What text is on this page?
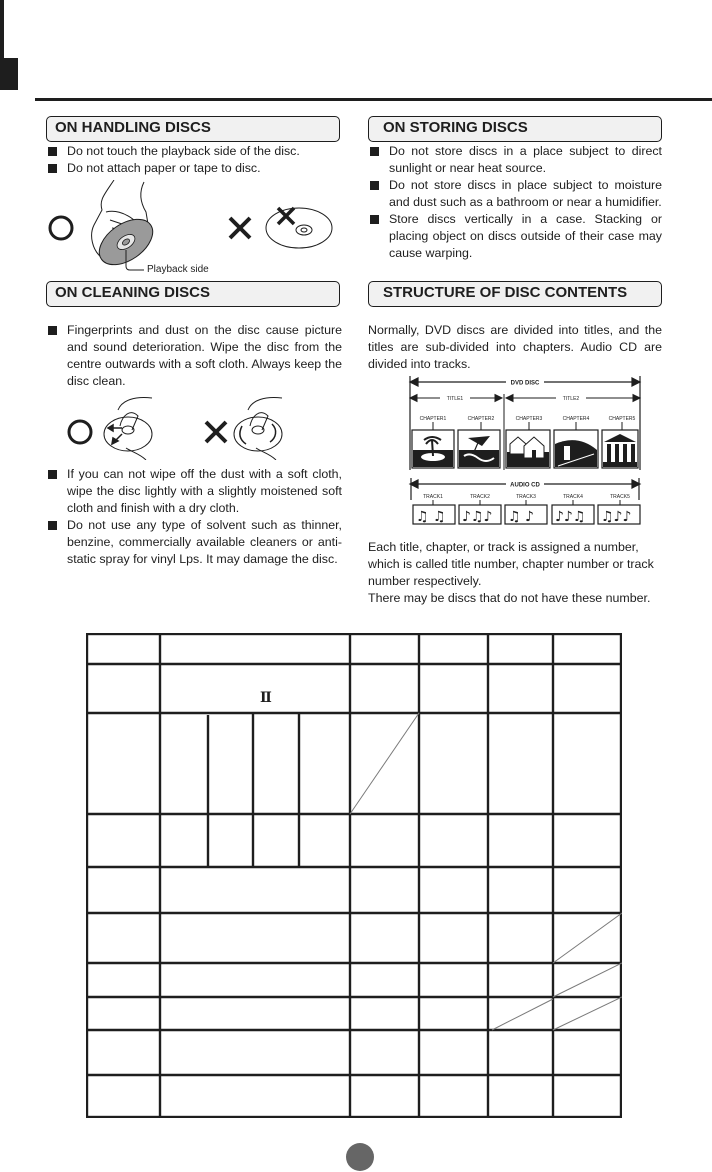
ON HANDLING DISCS
Do not touch the playback side of the disc.
Do not attach paper or tape to disc.
Playback side
ON CLEANING DISCS
Fingerprints and dust on the disc cause picture and sound deterioration. Wipe the disc from the centre outwards with a soft cloth. Always keep the disc clean.
If you can not wipe off the dust with a soft cloth, wipe the disc lightly with a slightly moistened soft cloth and finish with a dry cloth.
Do not use any type of solvent such as thinner, benzine, commercially available cleaners or anti-static spray for vinyl Lps. It may damage the disc.
ON STORING DISCS
Do not store discs in a place subject to direct sunlight or near heat source.
Do not store discs in place subject to moisture and dust such as a bathroom or near a humidifier.
Store discs vertically in a case. Stacking or placing object on discs outside of their case may cause warping.
STRUCTURE OF DISC CONTENTS
Normally, DVD discs are divided into titles, and the titles are sub-divided into chapters. Audio CD are divided into tracks.
DVD DISC
TITLE1	TITLE2
CHAPTER1	CHAPTER2	CHAPTER3	CHAPTER4	CHAPTER5
AUDIO CD
TRACK1	TRACK2	TRACK3	TRACK4	TRACK5
♫ ♫ ♪♫♪ ♫ ♪ ♪♪♫ ♫♪♪
Each title, chapter, or track is assigned a number,
which is called title number, chapter number or track
number respectively.
There may be discs that do not have these number.
Ⅱ
